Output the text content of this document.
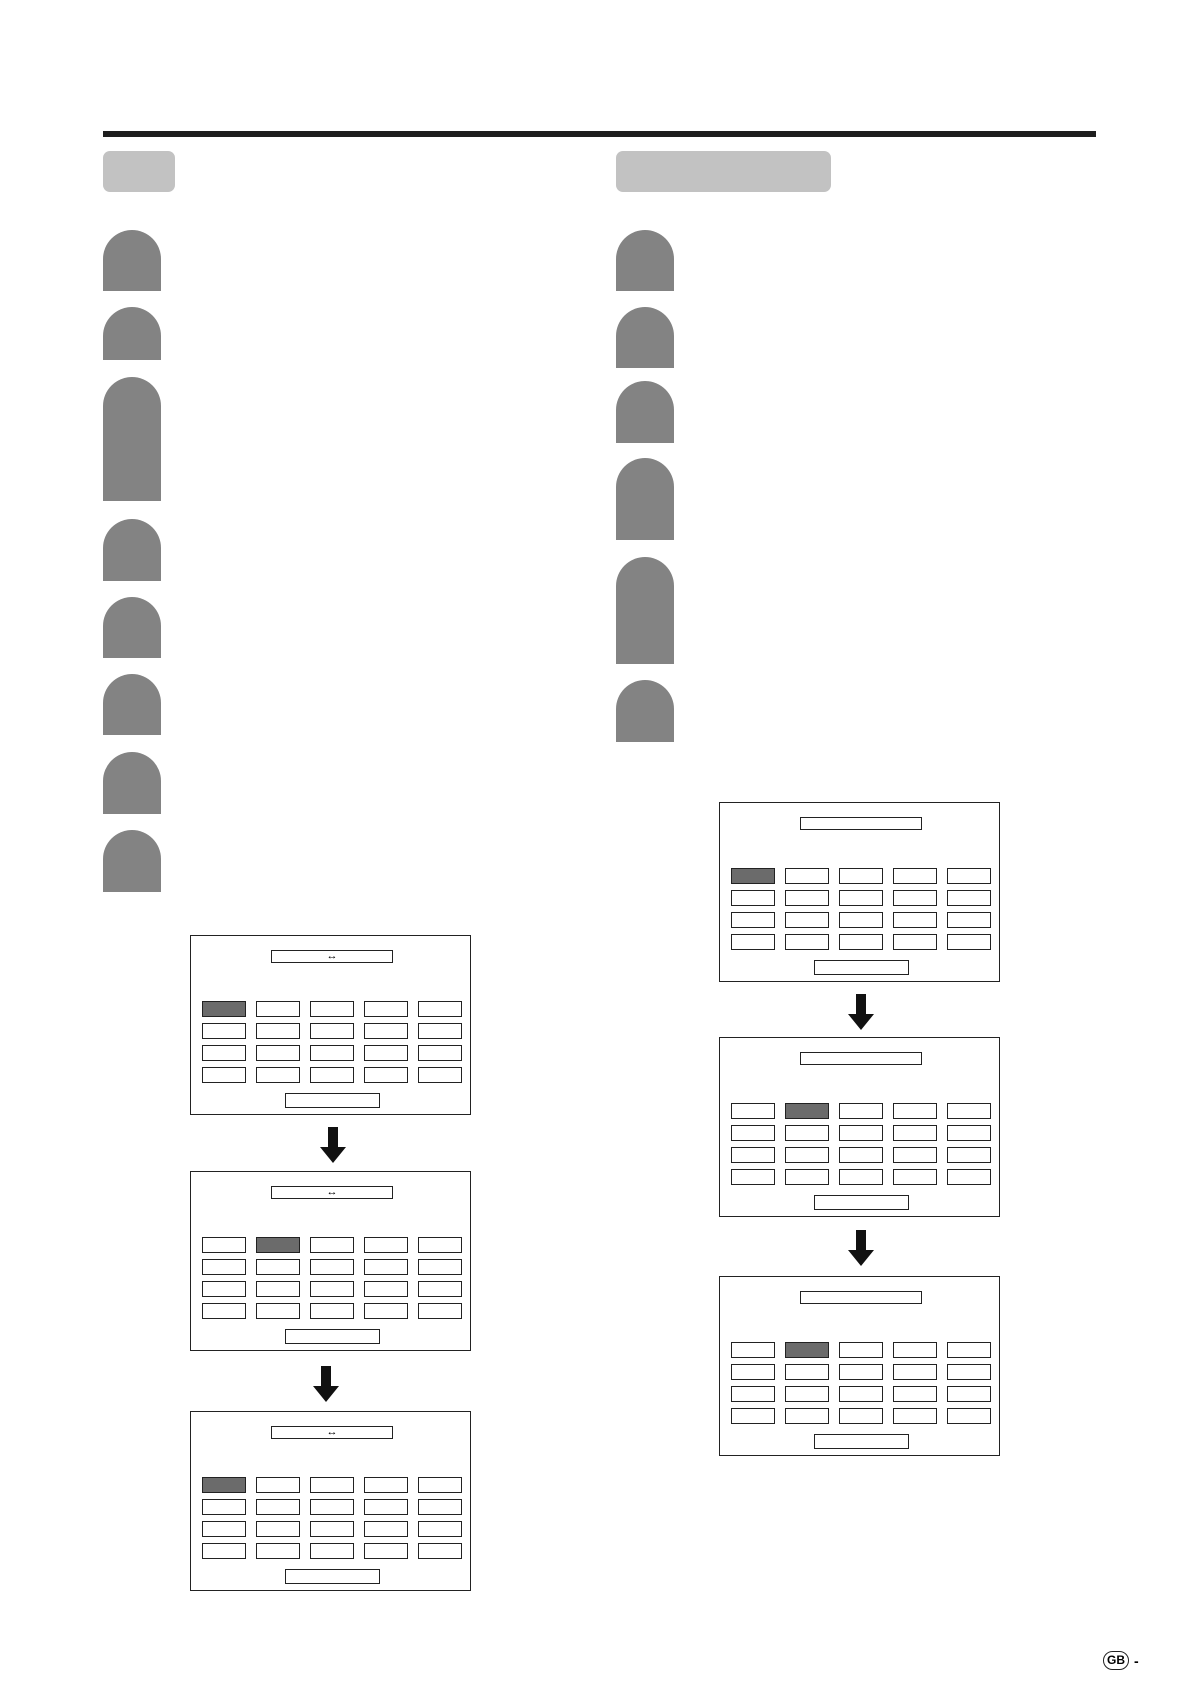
↔
↔
↔
GB -
